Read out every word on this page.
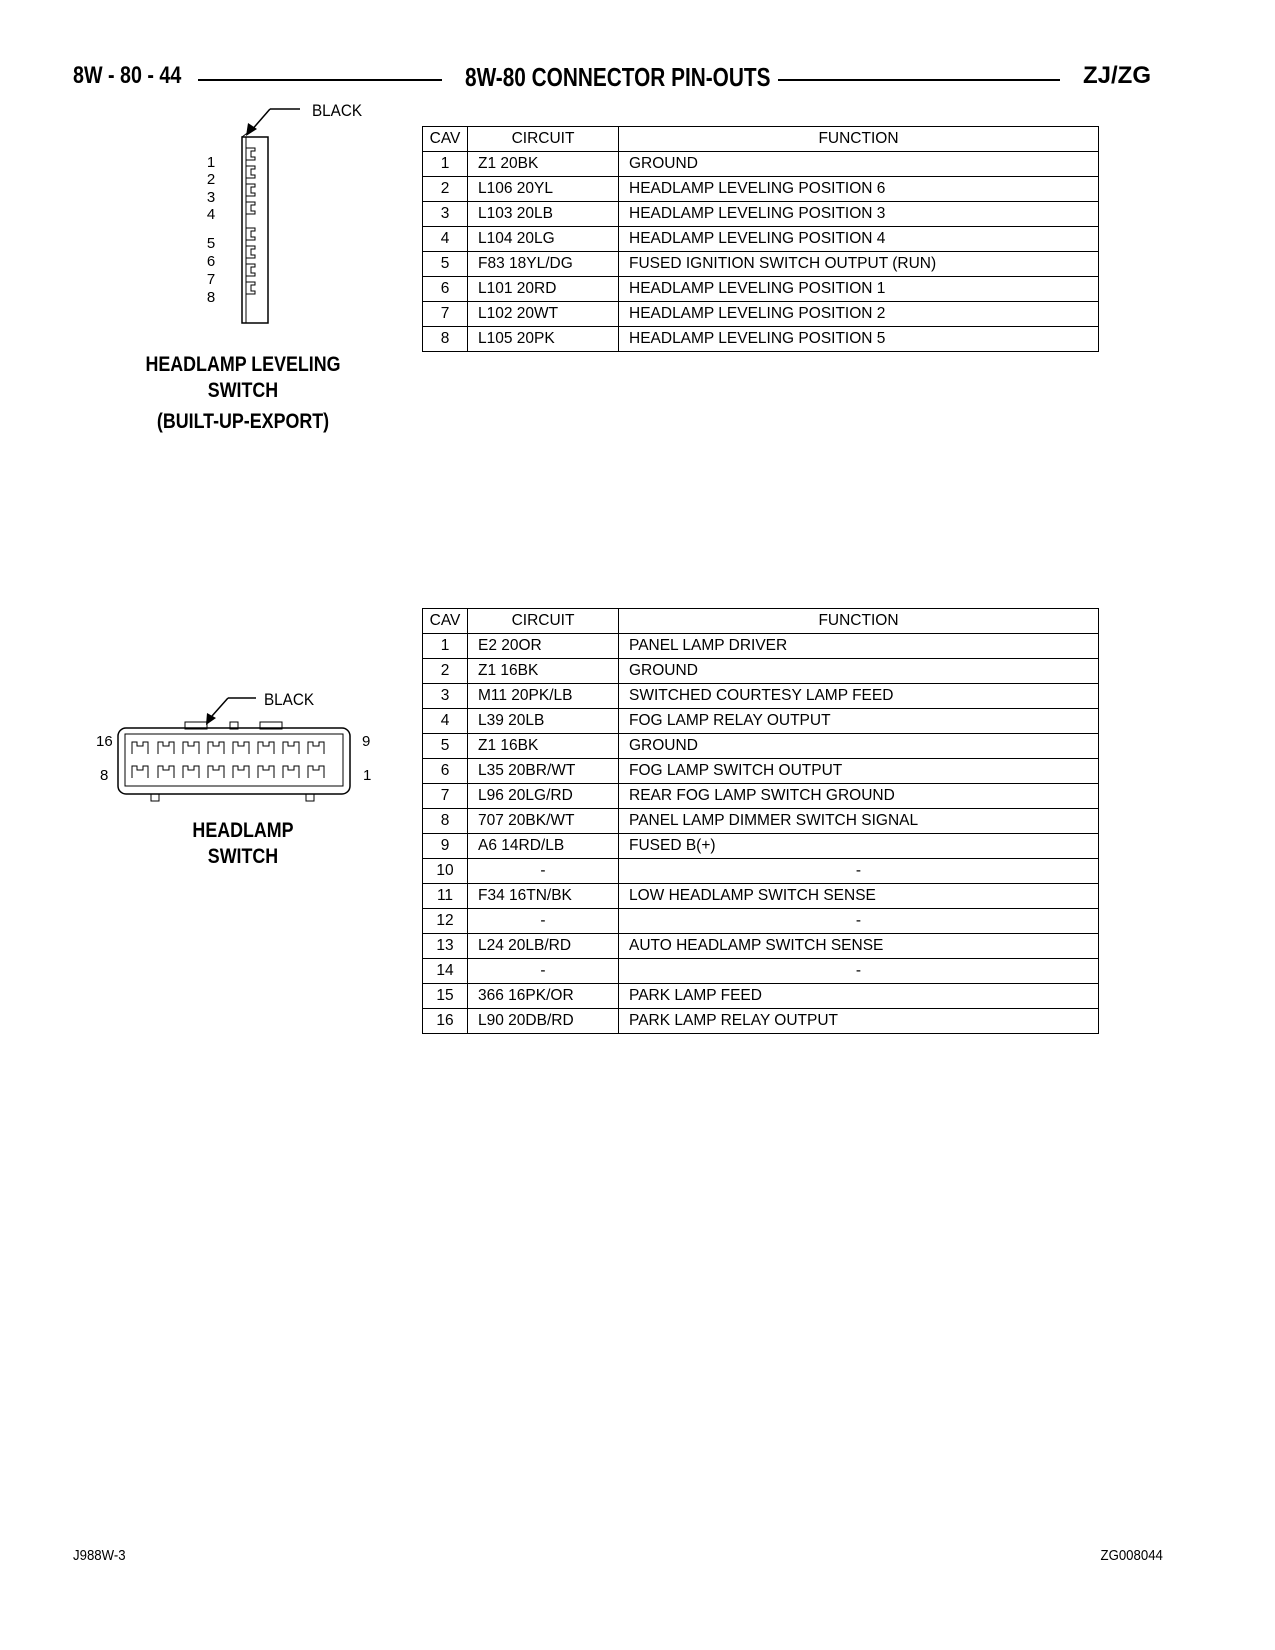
8W - 80 - 44	8W-80 CONNECTOR PIN-OUTS	ZJ/ZG
BLACK
1
2
3
4
5
6
7
8
HEADLAMP LEVELING
SWITCH
(BUILT-UP-EXPORT)
CAV	CIRCUIT	FUNCTION
1	Z1 20BK	GROUND
2	L106 20YL	HEADLAMP LEVELING POSITION 6
3	L103 20LB	HEADLAMP LEVELING POSITION 3
4	L104 20LG	HEADLAMP LEVELING POSITION 4
5	F83 18YL/DG	FUSED IGNITION SWITCH OUTPUT (RUN)
6	L101 20RD	HEADLAMP LEVELING POSITION 1
7	L102 20WT	HEADLAMP LEVELING POSITION 2
8	L105 20PK	HEADLAMP LEVELING POSITION 5
BLACK
16
8
9
1
HEADLAMP
SWITCH
CAV	CIRCUIT	FUNCTION
1	E2 20OR	PANEL LAMP DRIVER
2	Z1 16BK	GROUND
3	M11 20PK/LB	SWITCHED COURTESY LAMP FEED
4	L39 20LB	FOG LAMP RELAY OUTPUT
5	Z1 16BK	GROUND
6	L35 20BR/WT	FOG LAMP SWITCH OUTPUT
7	L96 20LG/RD	REAR FOG LAMP SWITCH GROUND
8	707 20BK/WT	PANEL LAMP DIMMER SWITCH SIGNAL
9	A6 14RD/LB	FUSED B(+)
10	-	-
11	F34 16TN/BK	LOW HEADLAMP SWITCH SENSE
12	-	-
13	L24 20LB/RD	AUTO HEADLAMP SWITCH SENSE
14	-	-
15	366 16PK/OR	PARK LAMP FEED
16	L90 20DB/RD	PARK LAMP RELAY OUTPUT
J988W-3	ZG008044
